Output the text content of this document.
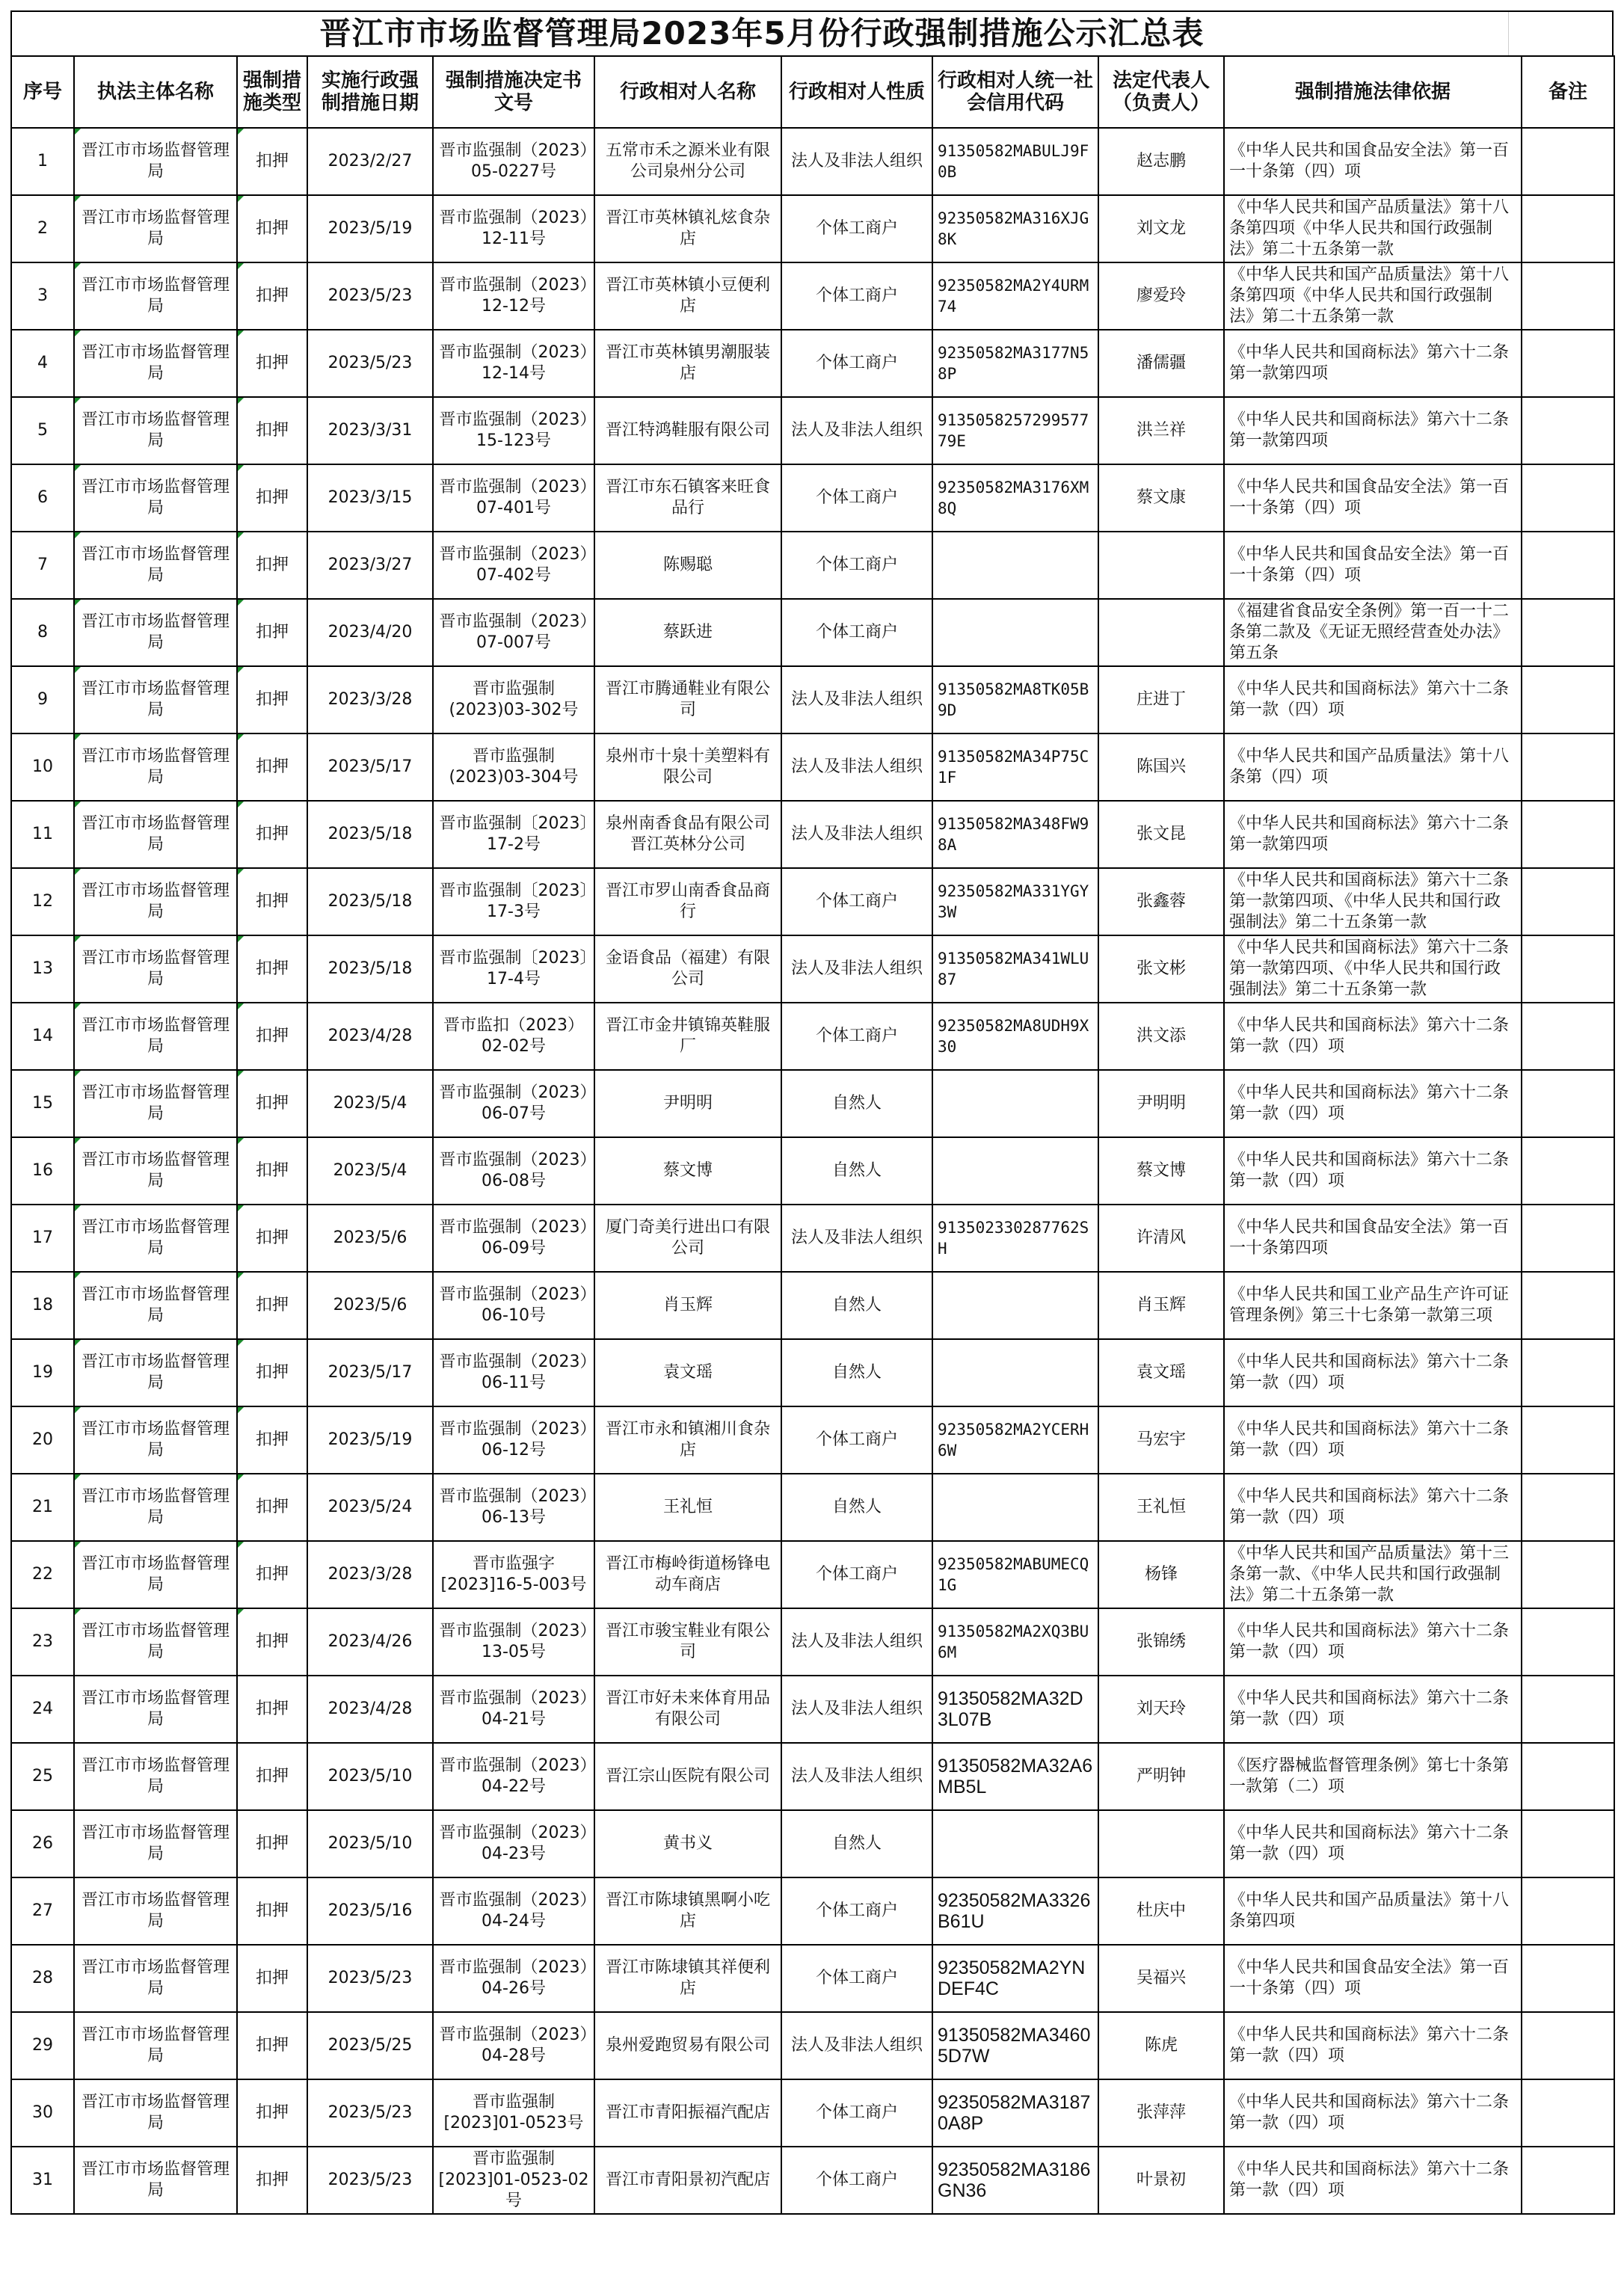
晋江市市场监督管理局2023年5月份行政强制措施公示汇总表
序号	执法主体名称	强制措施类型	实施行政强制措施日期	强制措施决定书文号	行政相对人名称	行政相对人性质	行政相对人统一社会信用代码	法定代表人（负责人）	强制措施法律依据	备注
1	晋江市市场监督管理局	扣押	2023/2/27	晋市监强制（2023）05-0227号	五常市禾之源米业有限公司泉州分公司	法人及非法人组织	91350582MABULJ9F0B	赵志鹏	《中华人民共和国食品安全法》第一百一十条第（四）项	
2	晋江市市场监督管理局	扣押	2023/5/19	晋市监强制（2023）12-11号	晋江市英林镇礼炫食杂店	个体工商户	92350582MA316XJG8K	刘文龙	《中华人民共和国产品质量法》第十八条第四项《中华人民共和国行政强制法》第二十五条第一款	
3	晋江市市场监督管理局	扣押	2023/5/23	晋市监强制（2023）12-12号	晋江市英林镇小豆便利店	个体工商户	92350582MA2Y4URM74	廖爱玲	《中华人民共和国产品质量法》第十八条第四项《中华人民共和国行政强制法》第二十五条第一款	
4	晋江市市场监督管理局	扣押	2023/5/23	晋市监强制（2023）12-14号	晋江市英林镇男潮服装店	个体工商户	92350582MA3177N58P	潘儒疆	《中华人民共和国商标法》第六十二条第一款第四项	
5	晋江市市场监督管理局	扣押	2023/3/31	晋市监强制（2023）15-123号	晋江特鸿鞋服有限公司	法人及非法人组织	913505825729957779E	洪兰祥	《中华人民共和国商标法》第六十二条第一款第四项	
6	晋江市市场监督管理局	扣押	2023/3/15	晋市监强制（2023）07-401号	晋江市东石镇客来旺食品行	个体工商户	92350582MA3176XM8Q	蔡文康	《中华人民共和国食品安全法》第一百一十条第（四）项	
7	晋江市市场监督管理局	扣押	2023/3/27	晋市监强制（2023）07-402号	陈赐聪	个体工商户			《中华人民共和国食品安全法》第一百一十条第（四）项	
8	晋江市市场监督管理局	扣押	2023/4/20	晋市监强制（2023）07-007号	蔡跃进	个体工商户			《福建省食品安全条例》第一百一十二条第二款及《无证无照经营查处办法》第五条	
9	晋江市市场监督管理局	扣押	2023/3/28	晋市监强制(2023)03-302号	晋江市腾通鞋业有限公司	法人及非法人组织	91350582MA8TK05B9D	庄进丁	《中华人民共和国商标法》第六十二条第一款（四）项	
10	晋江市市场监督管理局	扣押	2023/5/17	晋市监强制(2023)03-304号	泉州市十泉十美塑料有限公司	法人及非法人组织	91350582MA34P75C1F	陈国兴	《中华人民共和国产品质量法》第十八条第（四）项	
11	晋江市市场监督管理局	扣押	2023/5/18	晋市监强制〔2023〕17-2号	泉州南香食品有限公司晋江英林分公司	法人及非法人组织	91350582MA348FW98A	张文昆	《中华人民共和国商标法》第六十二条第一款第四项	
12	晋江市市场监督管理局	扣押	2023/5/18	晋市监强制〔2023〕17-3号	晋江市罗山南香食品商行	个体工商户	92350582MA331YGY3W	张鑫蓉	《中华人民共和国商标法》第六十二条第一款第四项、《中华人民共和国行政强制法》第二十五条第一款	
13	晋江市市场监督管理局	扣押	2023/5/18	晋市监强制〔2023〕17-4号	金语食品（福建）有限公司	法人及非法人组织	91350582MA341WLU87	张文彬	《中华人民共和国商标法》第六十二条第一款第四项、《中华人民共和国行政强制法》第二十五条第一款	
14	晋江市市场监督管理局	扣押	2023/4/28	晋市监扣（2023）02-02号	晋江市金井镇锦英鞋服厂	个体工商户	92350582MA8UDH9X30	洪文添	《中华人民共和国商标法》第六十二条第一款（四）项	
15	晋江市市场监督管理局	扣押	2023/5/4	晋市监强制（2023）06-07号	尹明明	自然人		尹明明	《中华人民共和国商标法》第六十二条第一款（四）项	
16	晋江市市场监督管理局	扣押	2023/5/4	晋市监强制（2023）06-08号	蔡文博	自然人		蔡文博	《中华人民共和国商标法》第六十二条第一款（四）项	
17	晋江市市场监督管理局	扣押	2023/5/6	晋市监强制（2023）06-09号	厦门奇美行进出口有限公司	法人及非法人组织	913502330287762SH	许清风	《中华人民共和国食品安全法》第一百一十条第四项	
18	晋江市市场监督管理局	扣押	2023/5/6	晋市监强制（2023）06-10号	肖玉辉	自然人		肖玉辉	《中华人民共和国工业产品生产许可证管理条例》第三十七条第一款第三项	
19	晋江市市场监督管理局	扣押	2023/5/17	晋市监强制（2023）06-11号	袁文瑶	自然人		袁文瑶	《中华人民共和国商标法》第六十二条第一款（四）项	
20	晋江市市场监督管理局	扣押	2023/5/19	晋市监强制（2023）06-12号	晋江市永和镇湘川食杂店	个体工商户	92350582MA2YCERH6W	马宏宇	《中华人民共和国商标法》第六十二条第一款（四）项	
21	晋江市市场监督管理局	扣押	2023/5/24	晋市监强制（2023）06-13号	王礼恒	自然人		王礼恒	《中华人民共和国商标法》第六十二条第一款（四）项	
22	晋江市市场监督管理局	扣押	2023/3/28	晋市监强字[2023]16-5-003号	晋江市梅岭街道杨锋电动车商店	个体工商户	92350582MABUMECQ1G	杨锋	《中华人民共和国产品质量法》第十三条第一款、《中华人民共和国行政强制法》第二十五条第一款	
23	晋江市市场监督管理局	扣押	2023/4/26	晋市监强制（2023）13-05号	晋江市骏宝鞋业有限公司	法人及非法人组织	91350582MA2XQ3BU6M	张锦绣	《中华人民共和国商标法》第六十二条第一款（四）项	
24	晋江市市场监督管理局	扣押	2023/4/28	晋市监强制（2023）04-21号	晋江市好未来体育用品有限公司	法人及非法人组织	91350582MA32D3L07B	刘天玲	《中华人民共和国商标法》第六十二条第一款（四）项	
25	晋江市市场监督管理局	扣押	2023/5/10	晋市监强制（2023）04-22号	晋江宗山医院有限公司	法人及非法人组织	91350582MA32A6MB5L	严明钟	《医疗器械监督管理条例》第七十条第一款第（二）项	
26	晋江市市场监督管理局	扣押	2023/5/10	晋市监强制（2023）04-23号	黄书义	自然人			《中华人民共和国商标法》第六十二条第一款（四）项	
27	晋江市市场监督管理局	扣押	2023/5/16	晋市监强制（2023）04-24号	晋江市陈埭镇黑啊小吃店	个体工商户	92350582MA3326B61U	杜庆中	《中华人民共和国产品质量法》第十八条第四项	
28	晋江市市场监督管理局	扣押	2023/5/23	晋市监强制（2023）04-26号	晋江市陈埭镇其祥便利店	个体工商户	92350582MA2YNDEF4C	吴福兴	《中华人民共和国食品安全法》第一百一十条第（四）项	
29	晋江市市场监督管理局	扣押	2023/5/25	晋市监强制（2023）04-28号	泉州爱跑贸易有限公司	法人及非法人组织	91350582MA34605D7W	陈虎	《中华人民共和国商标法》第六十二条第一款（四）项	
30	晋江市市场监督管理局	扣押	2023/5/23	晋市监强制[2023]01-0523号	晋江市青阳振福汽配店	个体工商户	92350582MA31870A8P	张萍萍	《中华人民共和国商标法》第六十二条第一款（四）项	
31	晋江市市场监督管理局	扣押	2023/5/23	晋市监强制[2023]01-0523-02号	晋江市青阳景初汽配店	个体工商户	92350582MA3186GN36	叶景初	《中华人民共和国商标法》第六十二条第一款（四）项	
